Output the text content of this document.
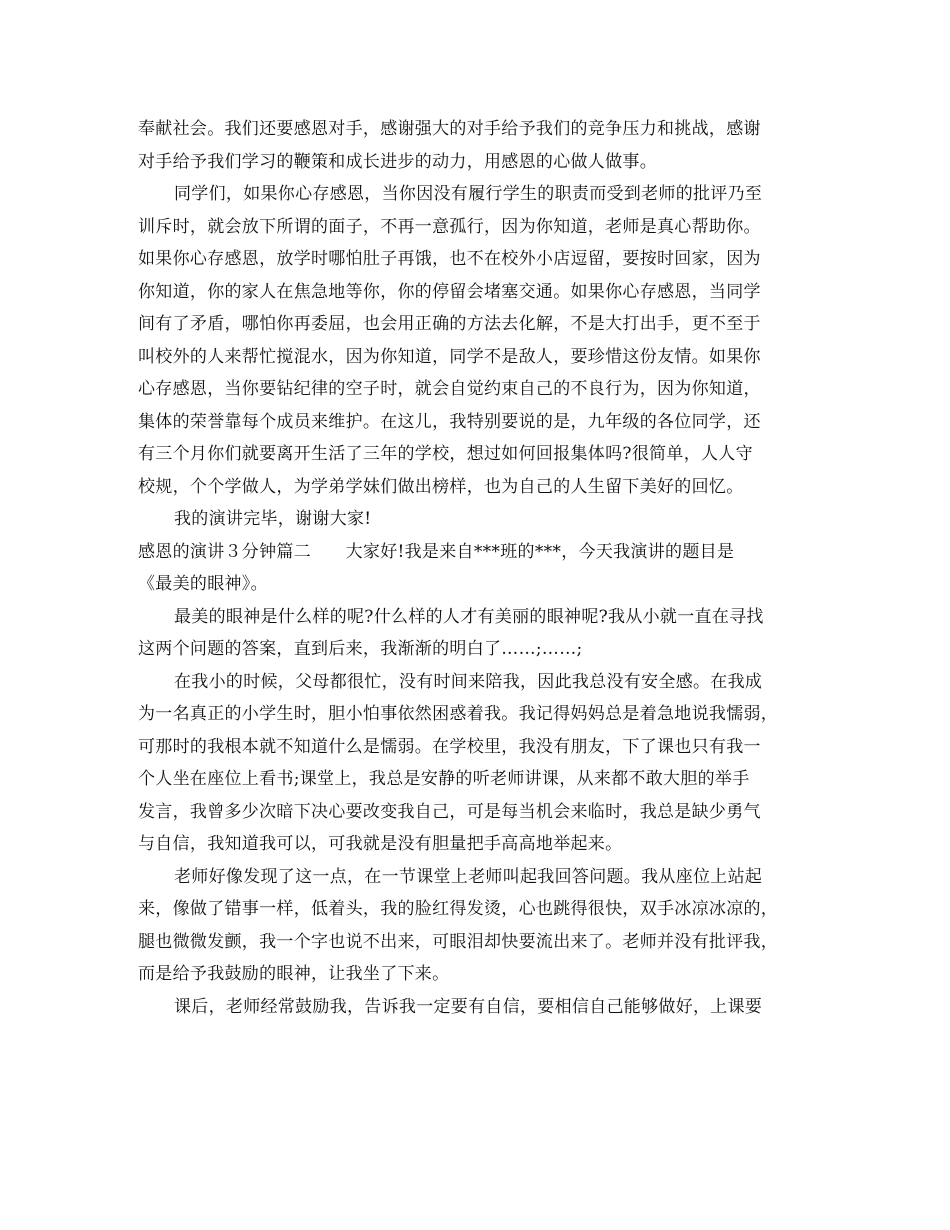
奉献社会。我们还要感恩对手，感谢强大的对手给予我们的竞争压力和挑战，感谢
对手给予我们学习的鞭策和成长进步的动力，用感恩的心做人做事。
同学们，如果你心存感恩，当你因没有履行学生的职责而受到老师的批评乃至
训斥时，就会放下所谓的面子，不再一意孤行，因为你知道，老师是真心帮助你。
如果你心存感恩，放学时哪怕肚子再饿，也不在校外小店逗留，要按时回家，因为
你知道，你的家人在焦急地等你，你的停留会堵塞交通。如果你心存感恩，当同学
间有了矛盾，哪怕你再委屈，也会用正确的方法去化解，不是大打出手，更不至于
叫校外的人来帮忙搅混水，因为你知道，同学不是敌人，要珍惜这份友情。如果你
心存感恩，当你要钻纪律的空子时，就会自觉约束自己的不良行为，因为你知道，
集体的荣誉靠每个成员来维护。在这儿，我特别要说的是，九年级的各位同学，还
有三个月你们就要离开生活了三年的学校，想过如何回报集体吗?很简单，人人守
校规，个个学做人，为学弟学妹们做出榜样，也为自己的人生留下美好的回忆。
我的演讲完毕，谢谢大家!
感恩的演讲３分钟篇二　　大家好!我是来自***班的***，今天我演讲的题目是
《最美的眼神》。
最美的眼神是什么样的呢?什么样的人才有美丽的眼神呢?我从小就一直在寻找
这两个问题的答案，直到后来，我渐渐的明白了……;……;
在我小的时候，父母都很忙，没有时间来陪我，因此我总没有安全感。在我成
为一名真正的小学生时，胆小怕事依然困惑着我。我记得妈妈总是着急地说我懦弱，
可那时的我根本就不知道什么是懦弱。在学校里，我没有朋友，下了课也只有我一
个人坐在座位上看书;课堂上，我总是安静的听老师讲课，从来都不敢大胆的举手
发言，我曾多少次暗下决心要改变我自己，可是每当机会来临时，我总是缺少勇气
与自信，我知道我可以，可我就是没有胆量把手高高地举起来。
老师好像发现了这一点，在一节课堂上老师叫起我回答问题。我从座位上站起
来，像做了错事一样，低着头，我的脸红得发烫，心也跳得很快，双手冰凉冰凉的，
腿也微微发颤，我一个字也说不出来，可眼泪却快要流出来了。老师并没有批评我，
而是给予我鼓励的眼神，让我坐了下来。
课后，老师经常鼓励我，告诉我一定要有自信，要相信自己能够做好，上课要
